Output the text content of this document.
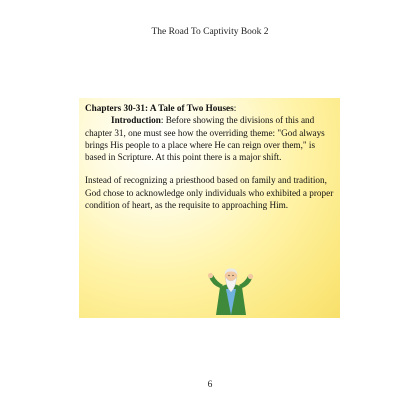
The Road To Captivity Book 2
Chapters 30-31: A Tale of Two Houses:
Introduction: Before showing the divisions of this and chapter 31, one must see how the overriding theme: "God always brings His people to a place where He can reign over them," is based in Scripture. At this point there is a major shift.
Instead of recognizing a priesthood based on family and tradition, God chose to acknowledge only individuals who exhibited a proper condition of heart, as the requisite to approaching Him.
6
